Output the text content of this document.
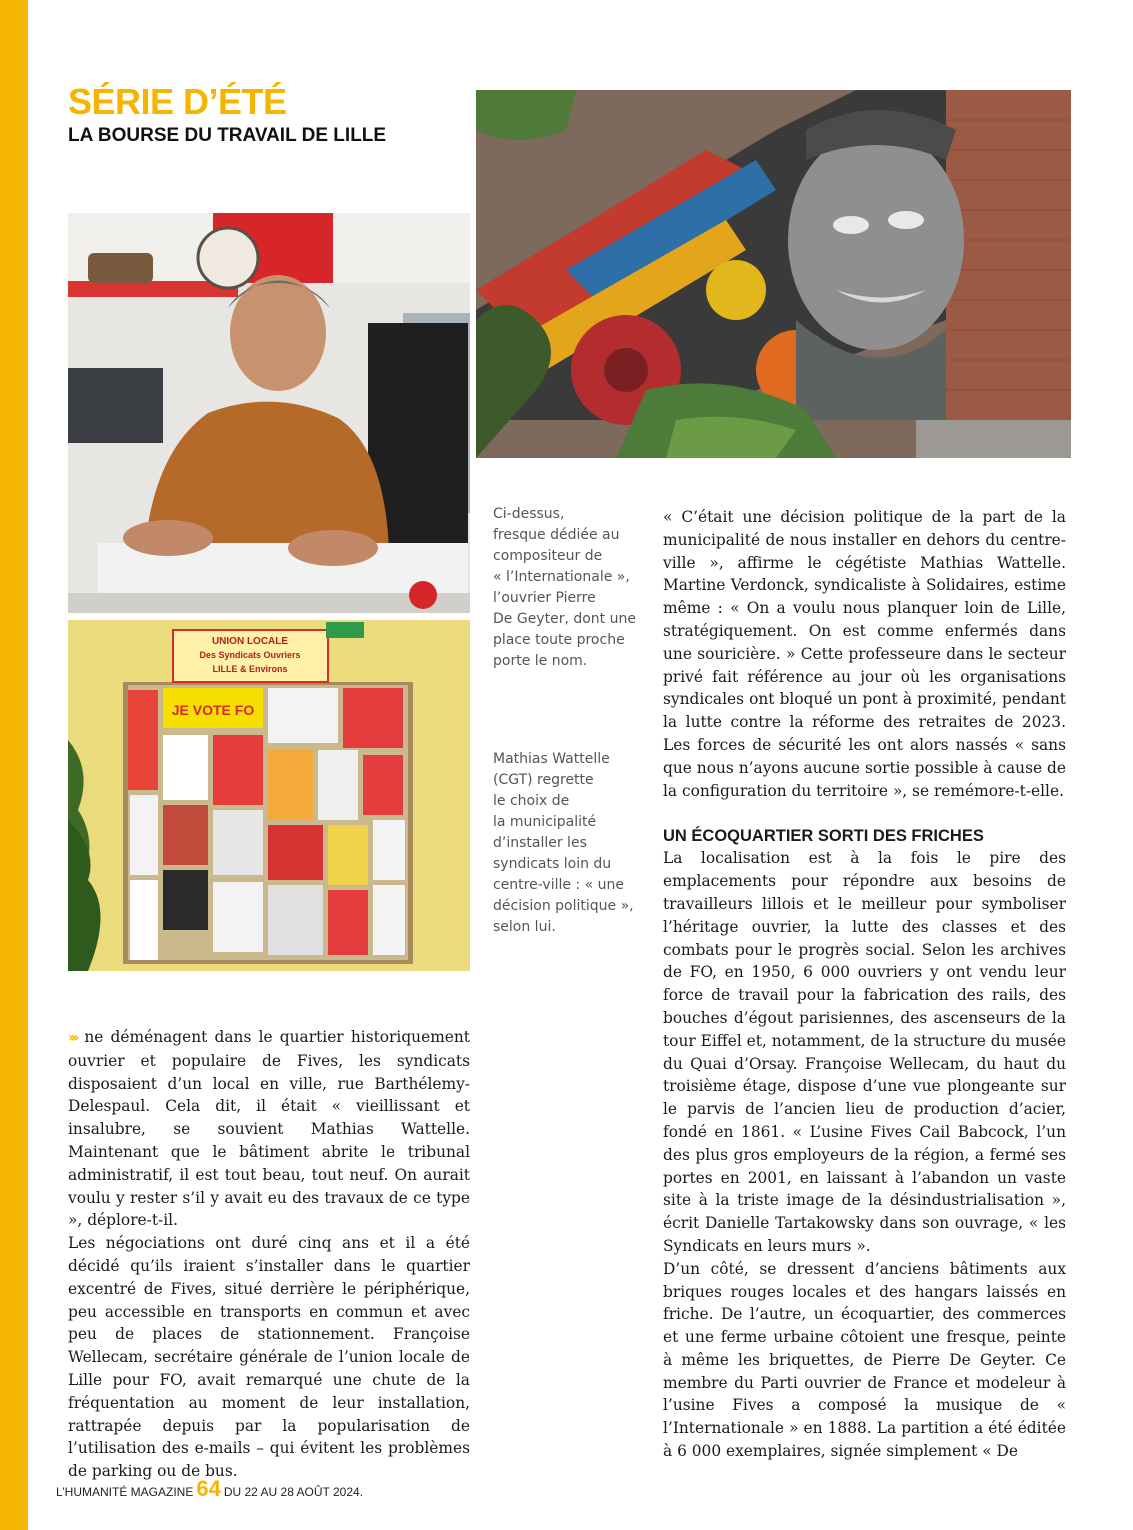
SÉRIE D’ÉTÉ
LA BOURSE DU TRAVAIL DE LILLE
UNION LOCALE
Des Syndicats Ouvriers
LILLE & Environs
JE VOTE FO
Ci-dessus,
fresque dédiée au
compositeur de
« l’Internationale »,
l’ouvrier Pierre
De Geyter, dont une
place toute proche
porte le nom.
Mathias Wattelle
(CGT) regrette
le choix de
la municipalité
d’installer les
syndicats loin du
centre-ville : « une
décision politique »,
selon lui.

››› ne déménagent dans le quartier historiquement ouvrier et populaire de Fives, les syndicats disposaient d’un local en ville, rue Barthélemy-Delespaul. Cela dit, il était « vieillissant et insalubre, se souvient Mathias Wattelle. Maintenant que le bâtiment abrite le tribunal administratif, il est tout beau, tout neuf. On aurait voulu y rester s’il y avait eu des travaux de ce type », déplore-t-il.

Les négociations ont duré cinq ans et il a été décidé qu’ils iraient s’installer dans le quartier excentré de Fives, situé derrière le périphérique, peu accessible en transports en commun et avec peu de places de stationnement. Françoise Wellecam, secrétaire générale de l’union locale de Lille pour FO, avait remarqué une chute de la fréquentation au moment de leur installation, rattrapée depuis par la popularisation de l’utilisation des e-mails – qui évitent les problèmes de parking ou de bus.

« C’était une décision politique de la part de la municipalité de nous installer en dehors du centre-ville », affirme le cégétiste Mathias Wattelle. Martine Verdonck, syndicaliste à Solidaires, estime même : « On a voulu nous planquer loin de Lille, stratégiquement. On est comme enfermés dans une souricière. » Cette professeure dans le secteur privé fait référence au jour où les organisations syndicales ont bloqué un pont à proximité, pendant la lutte contre la réforme des retraites de 2023. Les forces de sécurité les ont alors nassés « sans que nous n’ayons aucune sortie possible à cause de la configuration du territoire », se remémore-t-elle.

UN ÉCOQUARTIER SORTI DES FRICHES

La localisation est à la fois le pire des emplacements pour répondre aux besoins de travailleurs lillois et le meilleur pour symboliser l’héritage ouvrier, la lutte des classes et des combats pour le progrès social. Selon les archives de FO, en 1950, 6 000 ouvriers y ont vendu leur force de travail pour la fabrication des rails, des bouches d’égout parisiennes, des ascenseurs de la tour Eiffel et, notamment, de la structure du musée du Quai d’Orsay. Françoise Wellecam, du haut du troisième étage, dispose d’une vue plongeante sur le parvis de l’ancien lieu de production d’acier, fondé en 1861. « L’usine Fives Cail Babcock, l’un des plus gros employeurs de la région, a fermé ses portes en 2001, en laissant à l’abandon un vaste site à la triste image de la désindustrialisation », écrit Danielle Tartakowsky dans son ouvrage, « les Syndicats en leurs murs ».

D’un côté, se dressent d’anciens bâtiments aux briques rouges locales et des hangars laissés en friche. De l’autre, un écoquartier, des commerces et une ferme urbaine côtoient une fresque, peinte à même les briquettes, de Pierre De Geyter. Ce membre du Parti ouvrier de France et modeleur à l’usine Fives a composé la musique de « l’Internationale » en 1888. La partition a été éditée à 6 000 exemplaires, signée simplement « De

L’HUMANITÉ MAGAZINE 64 DU 22 AU 28 AOÛT 2024.
